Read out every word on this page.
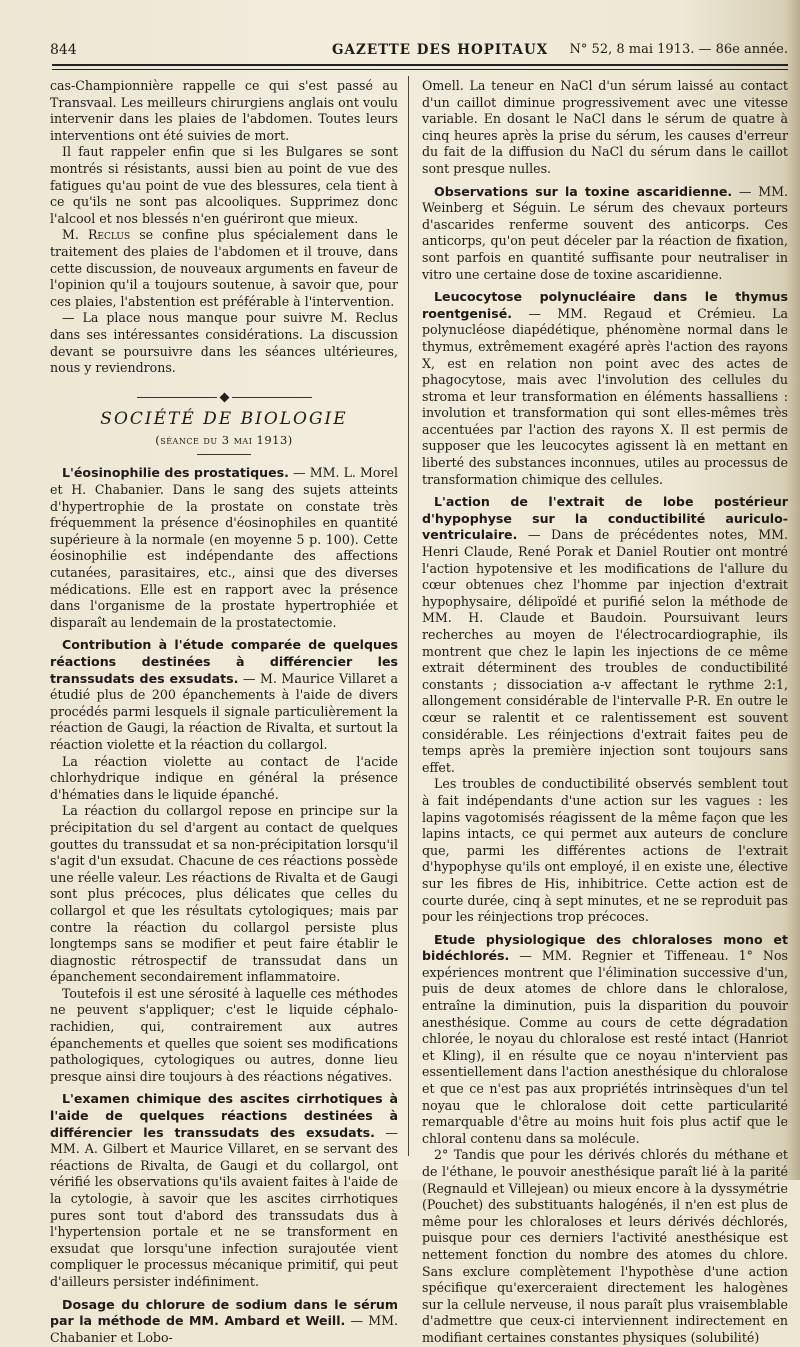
844	GAZETTE DES HOPITAUX N° 52, 8 mai 1913. — 86e année.

cas-Championnière rappelle ce qui s'est passé au Transvaal. Les meilleurs chirurgiens anglais ont voulu intervenir dans les plaies de l'abdomen. Toutes leurs interventions ont été suivies de mort.

Il faut rappeler enfin que si les Bulgares se sont montrés si résistants, aussi bien au point de vue des fatigues qu'au point de vue des blessures, cela tient à ce qu'ils ne sont pas alcooliques. Supprimez donc l'alcool et nos blessés n'en guériront que mieux.

M. Reclus se confine plus spécialement dans le traitement des plaies de l'abdomen et il trouve, dans cette discussion, de nouveaux arguments en faveur de l'opinion qu'il a toujours soutenue, à savoir que, pour ces plaies, l'abstention est préférable à l'intervention.

— La place nous manque pour suivre M. Reclus dans ses intéressantes considérations. La discussion devant se poursuivre dans les séances ultérieures, nous y reviendrons.

SOCIÉTÉ DE BIOLOGIE
(séance du 3 mai 1913)

L'éosinophilie des prostatiques. — MM. L. Morel et H. Chabanier. Dans le sang des sujets atteints d'hypertrophie de la prostate on constate très fréquemment la présence d'éosinophiles en quantité supérieure à la normale (en moyenne 5 p. 100). Cette éosinophilie est indépendante des affections cutanées, parasitaires, etc., ainsi que des diverses médications. Elle est en rapport avec la présence dans l'organisme de la prostate hypertrophiée et disparaît au lendemain de la prostatectomie.

Contribution à l'étude comparée de quelques réactions destinées à différencier les transsudats des exsudats. — M. Maurice Villaret a étudié plus de 200 épanchements à l'aide de divers procédés parmi lesquels il signale particulièrement la réaction de Gaugi, la réaction de Rivalta, et surtout la réaction violette et la réaction du collargol.

La réaction violette au contact de l'acide chlorhydrique indique en général la présence d'hématies dans le liquide épanché.

La réaction du collargol repose en principe sur la précipitation du sel d'argent au contact de quelques gouttes du transsudat et sa non-précipitation lorsqu'il s'agit d'un exsudat. Chacune de ces réactions possède une réelle valeur. Les réactions de Rivalta et de Gaugi sont plus précoces, plus délicates que celles du collargol et que les résultats cytologiques; mais par contre la réaction du collargol persiste plus longtemps sans se modifier et peut faire établir le diagnostic rétrospectif de transsudat dans un épanchement secondairement inflammatoire.

Toutefois il est une sérosité à laquelle ces méthodes ne peuvent s'appliquer; c'est le liquide céphalo-rachidien, qui, contrairement aux autres épanchements et quelles que soient ses modifications pathologiques, cytologiques ou autres, donne lieu presque ainsi dire toujours à des réactions négatives.

L'examen chimique des ascites cirrhotiques à l'aide de quelques réactions destinées à différencier les transsudats des exsudats. — MM. A. Gilbert et Maurice Villaret, en se servant des réactions de Rivalta, de Gaugi et du collargol, ont vérifié les observations qu'ils avaient faites à l'aide de la cytologie, à savoir que les ascites cirrhotiques pures sont tout d'abord des transsudats dus à l'hypertension portale et ne se transforment en exsudat que lorsqu'une infection surajoutée vient compliquer le processus mécanique primitif, qui peut d'ailleurs persister indéfiniment.

Dosage du chlorure de sodium dans le sérum par la méthode de MM. Ambard et Weill. — MM. Chabanier et Lobo-

Omell. La teneur en NaCl d'un sérum laissé au contact d'un caillot diminue progressivement avec une vitesse variable. En dosant le NaCl dans le sérum de quatre à cinq heures après la prise du sérum, les causes d'erreur du fait de la diffusion du NaCl du sérum dans le caillot sont presque nulles.

Observations sur la toxine ascaridienne. — MM. Weinberg et Séguin. Le sérum des chevaux porteurs d'ascarides renferme souvent des anticorps. Ces anticorps, qu'on peut déceler par la réaction de fixation, sont parfois en quantité suffisante pour neutraliser in vitro une certaine dose de toxine ascaridienne.

Leucocytose polynucléaire dans le thymus roentgenisé. — MM. Regaud et Crémieu. La polynucléose diapédétique, phénomène normal dans le thymus, extrêmement exagéré après l'action des rayons X, est en relation non point avec des actes de phagocytose, mais avec l'involution des cellules du stroma et leur transformation en éléments hassalliens : involution et transformation qui sont elles-mêmes très accentuées par l'action des rayons X. Il est permis de supposer que les leucocytes agissent là en mettant en liberté des substances inconnues, utiles au processus de transformation chimique des cellules.

L'action de l'extrait de lobe postérieur d'hypophyse sur la conductibilité auriculo-ventriculaire. — Dans de précédentes notes, MM. Henri Claude, René Porak et Daniel Routier ont montré l'action hypotensive et les modifications de l'allure du cœur obtenues chez l'homme par injection d'extrait hypophysaire, délipoïdé et purifié selon la méthode de MM. H. Claude et Baudoin. Poursuivant leurs recherches au moyen de l'électrocardiographie, ils montrent que chez le lapin les injections de ce même extrait déterminent des troubles de conductibilité constants ; dissociation a-v affectant le rythme 2:1, allongement considérable de l'intervalle P-R. En outre le cœur se ralentit et ce ralentissement est souvent considérable. Les réinjections d'extrait faites peu de temps après la première injection sont toujours sans effet.

Les troubles de conductibilité observés semblent tout à fait indépendants d'une action sur les vagues : les lapins vagotomisés réagissent de la même façon que les lapins intacts, ce qui permet aux auteurs de conclure que, parmi les différentes actions de l'extrait d'hypophyse qu'ils ont employé, il en existe une, élective sur les fibres de His, inhibitrice. Cette action est de courte durée, cinq à sept minutes, et ne se reproduit pas pour les réinjections trop précoces.

Etude physiologique des chloraloses mono et bidéchlorés. — MM. Regnier et Tiffeneau. 1° Nos expériences montrent que l'élimination successive d'un, puis de deux atomes de chlore dans le chloralose, entraîne la diminution, puis la disparition du pouvoir anesthésique. Comme au cours de cette dégradation chlorée, le noyau du chloralose est resté intact (Hanriot et Kling), il en résulte que ce noyau n'intervient pas essentiellement dans l'action anesthésique du chloralose et que ce n'est pas aux propriétés intrinsèques d'un tel noyau que le chloralose doit cette particularité remarquable d'être au moins huit fois plus actif que le chloral contenu dans sa molécule.

2° Tandis que pour les dérivés chlorés du méthane et de l'éthane, le pouvoir anesthésique paraît lié à la parité (Regnauld et Villejean) ou mieux encore à la dyssymétrie (Pouchet) des substituants halogénés, il n'en est plus de même pour les chloraloses et leurs dérivés déchlorés, puisque pour ces derniers l'activité anesthésique est nettement fonction du nombre des atomes du chlore. Sans exclure complètement l'hypothèse d'une action spécifique qu'exerceraient directement les halogènes sur la cellule nerveuse, il nous paraît plus vraisemblable d'admettre que ceux-ci interviennent indirectement en modifiant certaines constantes physiques (solubilité)
